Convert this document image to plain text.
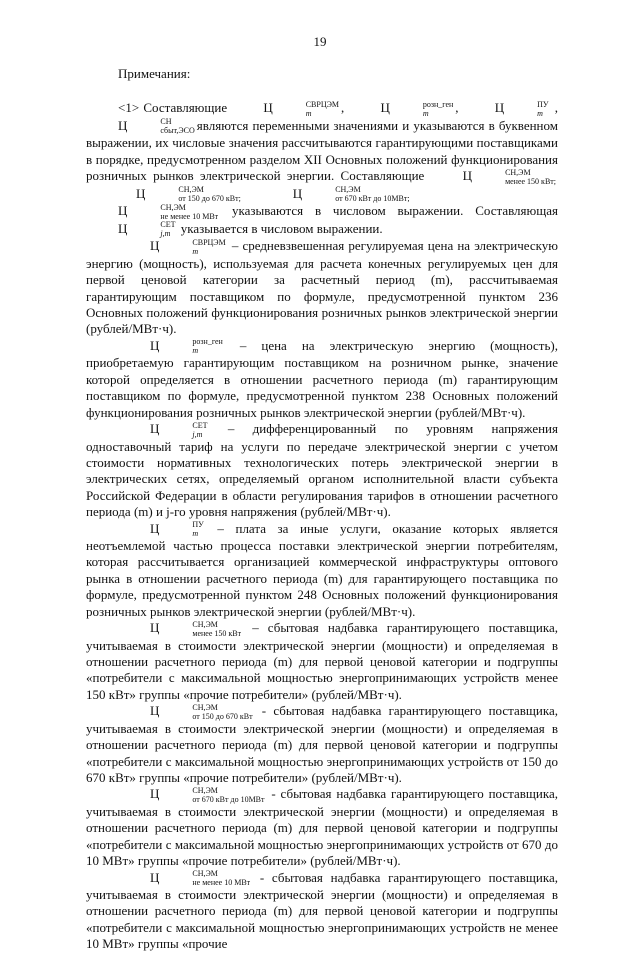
19

Примечания:

<1> Составляющие Ц	СВРЦЭМ
m	, Ц	розн_ген
m	, Ц	ПУ
m , Ц	СН
сбыт,ЭСО являются переменными значениями и указываются в буквенном выражении, их числовые значения рассчитываются гарантирующими поставщиками в порядке, предусмотренном разделом XII Основных положений функционирования розничных рынков электрической энергии. Составляющие Ц	СН,ЭМ
менее 150 кВт;
Ц	СН,ЭМ
от 150 до 670 кВт;	Ц	СН,ЭМ
от 670 кВт до 10МВт;
Ц	СН,ЭМ
не менее 10 МВт указываются в числовом выражении. Составляющая Ц	СЕТ
j,m указывается в числовом выражении.

Ц	СВРЦЭМ
m	– средневзвешенная регулируемая цена на электрическую энергию (мощность), используемая для расчета конечных регулируемых цен для первой ценовой категории за расчетный период (m), рассчитываемая гарантирующим поставщиком по формуле, предусмотренной пунктом 236 Основных положений функционирования розничных рынков электрической энергии (рублей/МВт·ч).

Ц	розн_ген
m	– цена на электрическую энергию (мощность), приобретаемую гарантирующим поставщиком на розничном рынке, значение которой определяется в отношении расчетного периода (m) гарантирующим поставщиком по формуле, предусмотренной пунктом 238 Основных положений функционирования розничных рынков электрической энергии (рублей/МВт·ч).

Ц	СЕТ
j,m – дифференцированный по уровням напряжения одноставочный тариф на услуги по передаче электрической энергии с учетом стоимости нормативных технологических потерь электрической энергии в электрических сетях, определяемый органом исполнительной власти субъекта Российской Федерации в области регулирования тарифов в отношении расчетного периода (m) и j-го уровня напряжения (рублей/МВт·ч).

Ц	ПУ
m – плата за иные услуги, оказание которых является неотъемлемой частью процесса поставки электрической энергии потребителям, которая рассчитывается организацией коммерческой инфраструктуры оптового рынка в отношении расчетного периода (m) для гарантирующего поставщика по формуле, предусмотренной пунктом 248 Основных положений функционирования розничных рынков электрической энергии (рублей/МВт·ч).

Ц	СН,ЭМ
менее 150 кВт – сбытовая надбавка гарантирующего поставщика, учитываемая в стоимости электрической энергии (мощности) и определяемая в отношении расчетного периода (m) для первой ценовой категории и подгруппы «потребители с максимальной мощностью энергопринимающих устройств менее 150 кВт» группы «прочие потребители» (рублей/МВт·ч).

Ц	СН,ЭМ
от 150 до 670 кВт - сбытовая надбавка гарантирующего поставщика, учитываемая в стоимости электрической энергии (мощности) и определяемая в отношении расчетного периода (m) для первой ценовой категории и подгруппы «потребители с максимальной мощностью энергопринимающих устройств от 150 до 670 кВт» группы «прочие потребители» (рублей/МВт·ч).

Ц	СН,ЭМ
от 670 кВт до 10МВт - сбытовая надбавка гарантирующего поставщика, учитываемая в стоимости электрической энергии (мощности) и определяемая в отношении расчетного периода (m) для первой ценовой категории и подгруппы «потребители с максимальной мощностью энергопринимающих устройств от 670 до 10 МВт» группы «прочие потребители» (рублей/МВт·ч).

Ц	СН,ЭМ
не менее 10 МВт - сбытовая надбавка гарантирующего поставщика, учитываемая в стоимости электрической энергии (мощности) и определяемая в отношении расчетного периода (m) для первой ценовой категории и подгруппы «потребители с максимальной мощностью энергопринимающих устройств не менее 10 МВт» группы «прочие
